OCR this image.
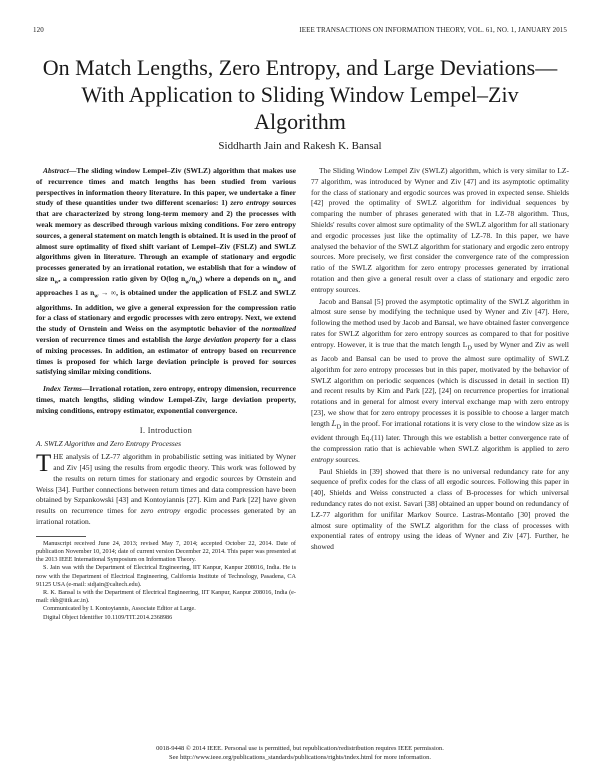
120	IEEE TRANSACTIONS ON INFORMATION THEORY, VOL. 61, NO. 1, JANUARY 2015
On Match Lengths, Zero Entropy, and Large Deviations—With Application to Sliding Window Lempel–Ziv Algorithm
Siddharth Jain and Rakesh K. Bansal

Abstract—The sliding window Lempel–Ziv (SWLZ) algorithm that makes use of recurrence times and match lengths has been studied from various perspectives in information theory literature. In this paper, we undertake a finer study of these quantities under two different scenarios: 1) zero entropy sources that are characterized by strong long-term memory and 2) the processes with weak memory as described through various mixing conditions. For zero entropy sources, a general statement on match length is obtained. It is used in the proof of almost sure optimality of fixed shift variant of Lempel–Ziv (FSLZ) and SWLZ algorithms given in literature. Through an example of stationary and ergodic processes generated by an irrational rotation, we establish that for a window of size $n_w$, a compression ratio given by O(log $n_w/n_w$) where a depends on $n_w$ and approaches 1 as $n_w$ → ∞, is obtained under the application of FSLZ and SWLZ algorithms. In addition, we give a general expression for the compression ratio for a class of stationary and ergodic processes with zero entropy. Next, we extend the study of Ornstein and Weiss on the asymptotic behavior of the normalized version of recurrence times and establish the large deviation property for a class of mixing processes. In addition, an estimator of entropy based on recurrence times is proposed for which large deviation principle is proved for sources satisfying similar mixing conditions.

Index Terms—Irrational rotation, zero entropy, entropy dimension, recurrence times, match lengths, sliding window Lempel-Ziv, large deviation property, mixing conditions, entropy estimator, exponential convergence.

I. Introduction
A. SWLZ Algorithm and Zero Entropy Processes

THE analysis of LZ-77 algorithm in probabilistic setting was initiated by Wyner and Ziv [45] using the results from ergodic theory. This work was followed by the results on return times for stationary and ergodic sources by Ornstein and Weiss [34]. Further connections between return times and data compression have been obtained by Szpankowski [43] and Kontoyiannis [27]. Kim and Park [22] have given results on recurrence times for zero entropy ergodic processes generated by an irrational rotation.

Manuscript received June 24, 2013; revised May 7, 2014; accepted October 22, 2014. Date of publication November 10, 2014; date of current version December 22, 2014. This paper was presented at the 2013 IEEE International Symposium on Information Theory.

S. Jain was with the Department of Electrical Engineering, IIT Kanpur, Kanpur 208016, India. He is now with the Department of Electrical Engineering, California Institute of Technology, Pasadena, CA 91125 USA (e-mail: sidjain@caltech.edu).

R. K. Bansal is with the Department of Electrical Engineering, IIT Kanpur, Kanpur 208016, India (e-mail: rkb@iitk.ac.in).

Communicated by I. Kontoyiannis, Associate Editor at Large.

Digital Object Identifier 10.1109/TIT.2014.2368986

The Sliding Window Lempel Ziv (SWLZ) algorithm, which is very similar to LZ-77 algorithm, was introduced by Wyner and Ziv [47] and its asymptotic optimality for the class of stationary and ergodic sources was proved in expected sense. Shields [42] proved the optimality of SWLZ algorithm for individual sequences by comparing the number of phrases generated with that in LZ-78 algorithm. Thus, Shields' results cover almost sure optimality of the SWLZ algorithm for all stationary and ergodic processes just like the optimality of LZ-78. In this paper, we have analysed the behavior of the SWLZ algorithm for stationary and ergodic zero entropy sources. More precisely, we first consider the convergence rate of the compression ratio of the SWLZ algorithm for zero entropy processes generated by irrational rotation and then give a general result over a class of stationary and ergodic zero entropy sources.

Jacob and Bansal [5] proved the asymptotic optimality of the SWLZ algorithm in almost sure sense by modifying the technique used by Wyner and Ziv [47]. Here, following the method used by Jacob and Bansal, we have obtained faster convergence rates for SWLZ algorithm for zero entropy sources as compared to that for positive entropy. However, it is true that the match length $L_D$ used by Wyner and Ziv as well as Jacob and Bansal can be used to prove the almost sure optimality of SWLZ algorithm for zero entropy processes but in this paper, motivated by the behavior of SWLZ algorithm on periodic sequences (which is discussed in detail in section II) and recent results by Kim and Park [22], [24] on recurrence properties for irrational rotations and in general for almost every interval exchange map with zero entropy [23], we show that for zero entropy processes it is possible to choose a larger match length $L_D$ in the proof. For irrational rotations it is very close to the window size as is evident through Eq.(11) later. Through this we establish a better convergence rate of the compression ratio that is achievable when SWLZ algorithm is applied to zero entropy sources.

Paul Shields in [39] showed that there is no universal redundancy rate for any sequence of prefix codes for the class of all ergodic sources. Following this paper in [40], Shields and Weiss constructed a class of B-processes for which universal redundancy rates do not exist. Savari [38] obtained an upper bound on redundancy of LZ-77 algorithm for unifilar Markov Source. Lastras-Montaño [30] proved the almost sure optimality of the SWLZ algorithm for the class of processes with exponential rates of entropy using the ideas of Wyner and Ziv [47]. Further, he showed

0018-9448 © 2014 IEEE. Personal use is permitted, but republication/redistribution requires IEEE permission.
See http://www.ieee.org/publications_standards/publications/rights/index.html for more information.
